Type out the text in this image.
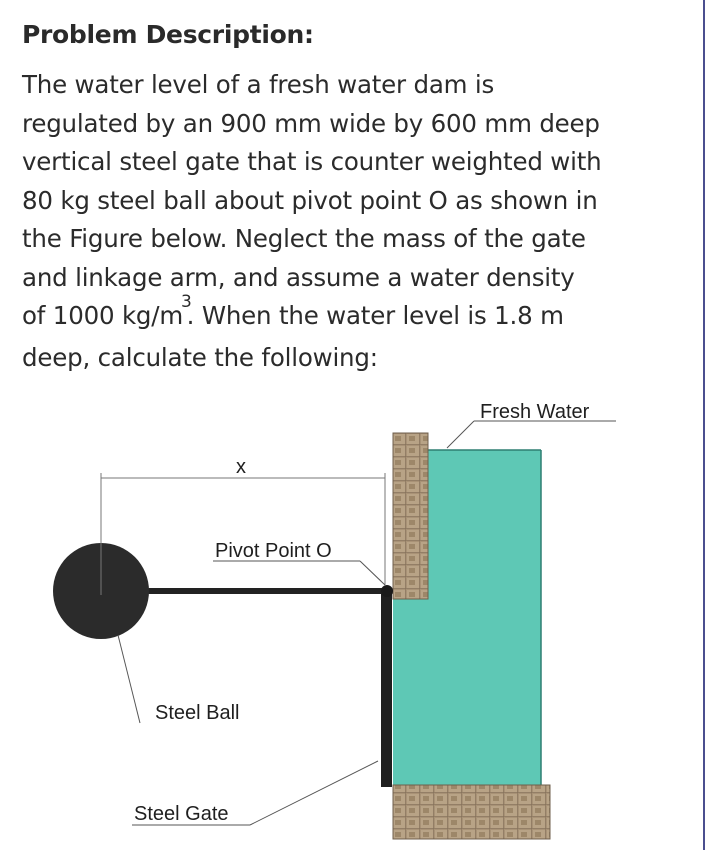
Problem Description:
The water level of a fresh water dam is
regulated by an 900 mm wide by 600 mm deep
vertical steel gate that is counter weighted with
80 kg steel ball about pivot point O as shown in
the Figure below. Neglect the mass of the gate
and linkage arm, and assume a water density
of 1000 $kg/m^3$. When the water level is 1.8 m
deep, calculate the following:
Fresh Water
x
Pivot Point O
Steel Ball
Steel Gate
